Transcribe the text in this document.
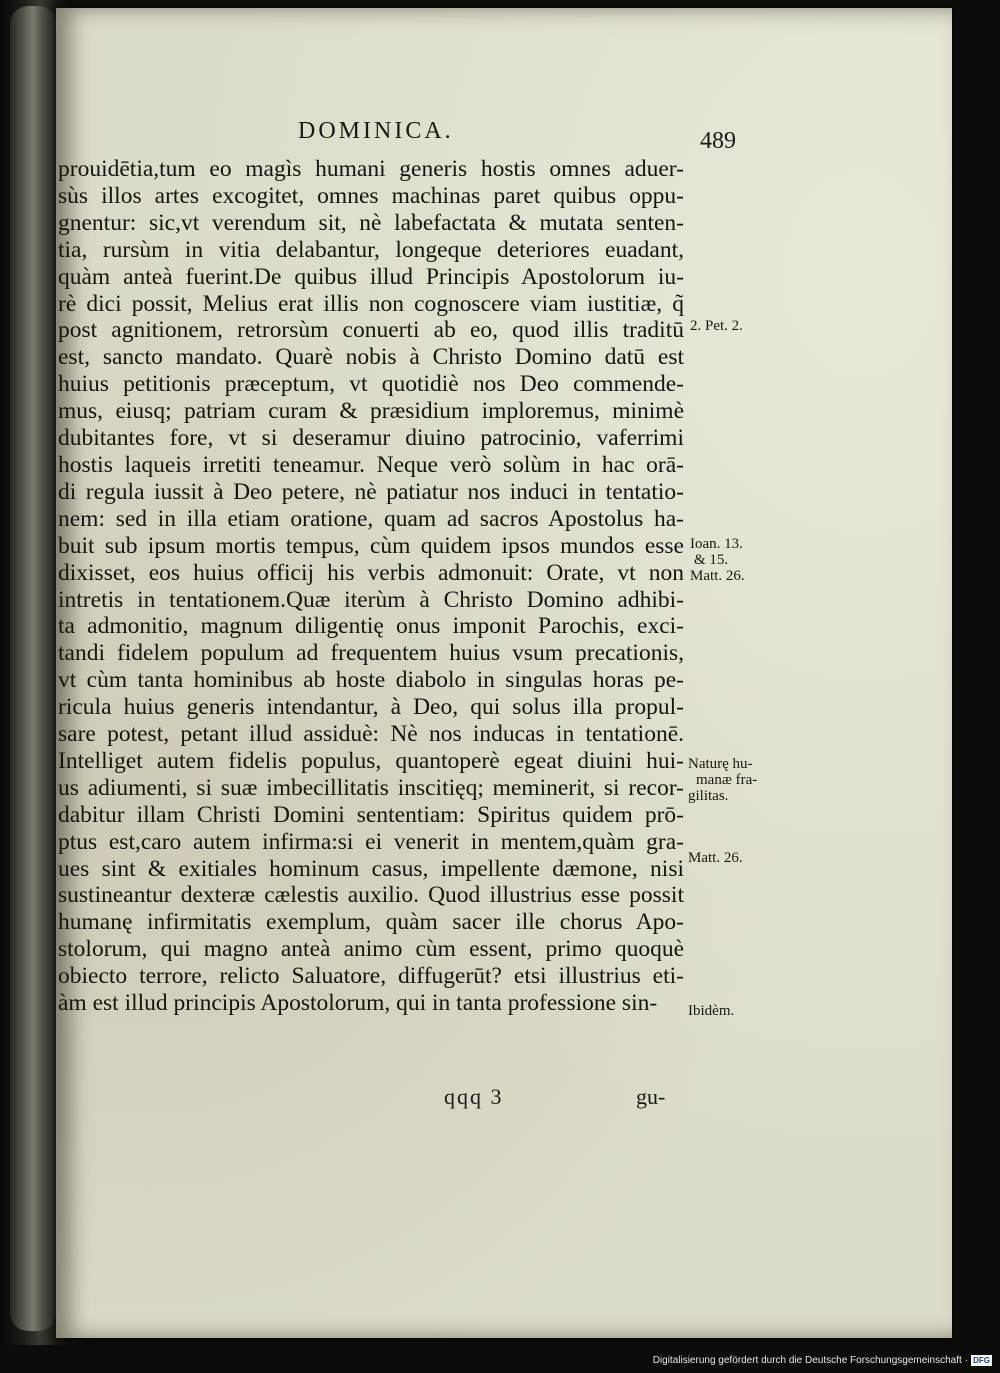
DOMINICA.	489
prouidētia,tum eo magìs humani generis hostis omnes aduer-
sùs illos artes excogitet, omnes machinas paret quibus oppu-
gnentur: sic,vt verendum sit, nè labefactata & mutata senten-
tia, rursùm in vitia delabantur, longeque deteriores euadant,
quàm anteà fuerint.De quibus illud Principis Apostolorum iu-
rè dici possit, Melius erat illis non cognoscere viam iustitiæ, q̃
post agnitionem, retrorsùm conuerti ab eo, quod illis traditū
est, sancto mandato. Quarè nobis à Christo Domino datū est
huius petitionis præceptum, vt quotidiè nos Deo commende-
mus, eiusq; patriam curam & præsidium imploremus, minimè
dubitantes fore, vt si deseramur diuino patrocinio, vaferrimi
hostis laqueis irretiti teneamur. Neque verò solùm in hac orā-
di regula iussit à Deo petere, nè patiatur nos induci in tentatio-
nem: sed in illa etiam oratione, quam ad sacros Apostolus ha-
buit sub ipsum mortis tempus, cùm quidem ipsos mundos esse
dixisset, eos huius officij his verbis admonuit: Orate, vt non
intretis in tentationem.Quæ iterùm à Christo Domino adhibi-
ta admonitio, magnum diligentię onus imponit Parochis, exci-
tandi fidelem populum ad frequentem huius vsum precationis,
vt cùm tanta hominibus ab hoste diabolo in singulas horas pe-
ricula huius generis intendantur, à Deo, qui solus illa propul-
sare potest, petant illud assiduè: Nè nos inducas in tentationē.
Intelliget autem fidelis populus, quantoperè egeat diuini hui-
us adiumenti, si suæ imbecillitatis inscitięq; meminerit, si recor-
dabitur illam Christi Domini sententiam: Spiritus quidem prō-
ptus est,caro autem infirma:si ei venerit in mentem,quàm gra-
ues sint & exitiales hominum casus, impellente dæmone, nisi
sustineantur dexteræ cælestis auxilio. Quod illustrius esse possit
humanę infirmitatis exemplum, quàm sacer ille chorus Apo-
stolorum, qui magno anteà animo cùm essent, primo quoquè
obiecto terrore, relicto Saluatore, diffugerūt? etsi illustrius eti-
àm est illud principis Apostolorum, qui in tanta professione sin-
2. Pet. 2.
Ioan. 13.
& 15.
Matt. 26.
Naturę hu-
manæ fra-
gilitas.
Matt. 26.
Ibidèm.
qqq 3	gu-
Digitalisierung gefördert durch die Deutsche Forschungsgemeinschaft · DFG
